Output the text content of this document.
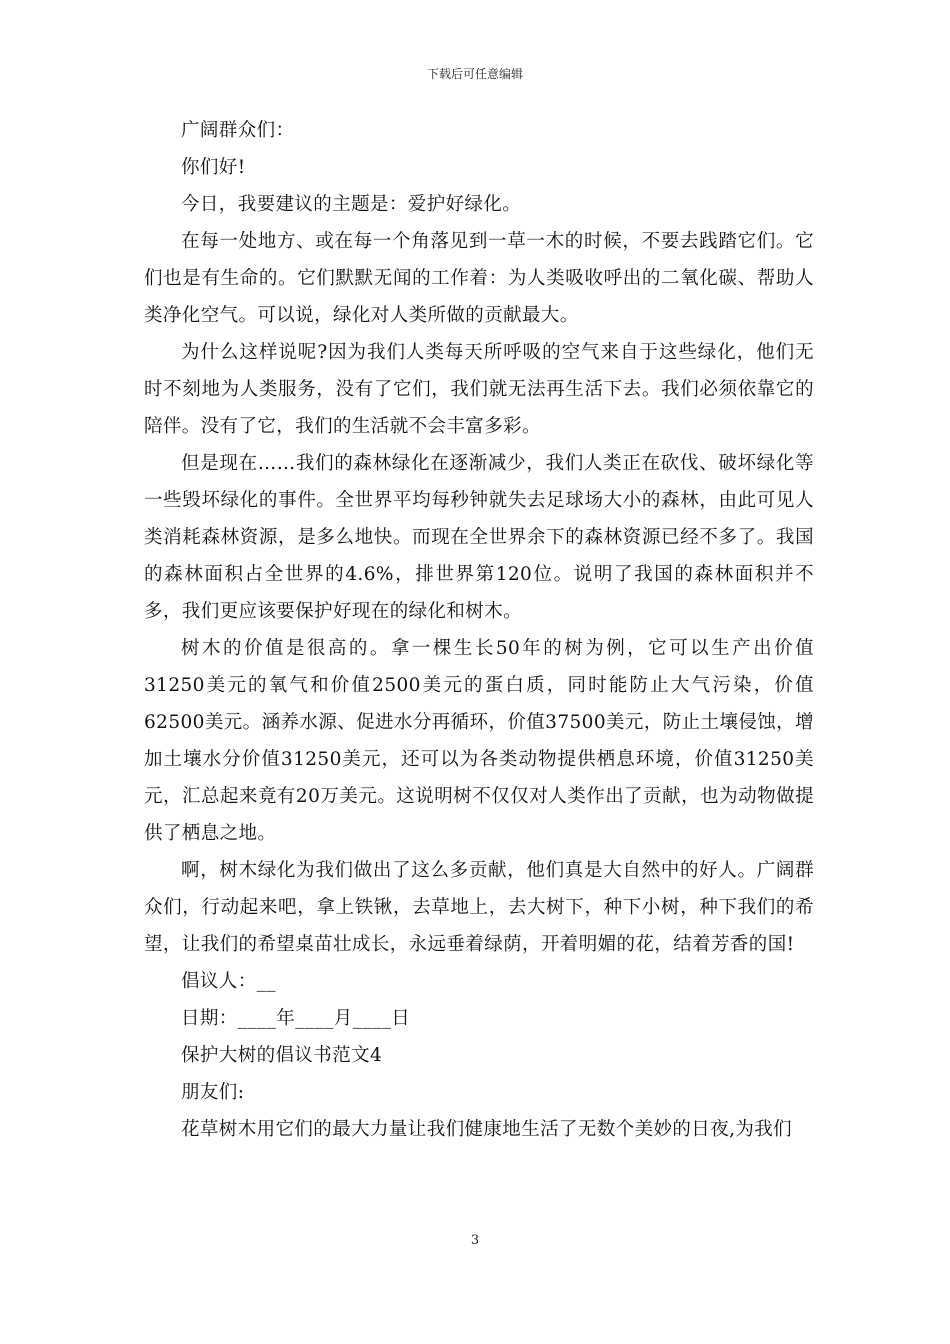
下载后可任意编辑

广阔群众们：

你们好!

今日，我要建议的主题是：爱护好绿化。

在每一处地方、或在每一个角落见到一草一木的时候，不要去践踏它们。它们也是有生命的。它们默默无闻的工作着：为人类吸收呼出的二氧化碳、帮助人类净化空气。可以说，绿化对人类所做的贡献最大。

为什么这样说呢?因为我们人类每天所呼吸的空气来自于这些绿化，他们无时不刻地为人类服务，没有了它们，我们就无法再生活下去。我们必须依靠它的陪伴。没有了它，我们的生活就不会丰富多彩。

但是现在……我们的森林绿化在逐渐减少，我们人类正在砍伐、破坏绿化等一些毁坏绿化的事件。全世界平均每秒钟就失去足球场大小的森林，由此可见人类消耗森林资源，是多么地快。而现在全世界余下的森林资源已经不多了。我国的森林面积占全世界的4.6%，排世界第120位。说明了我国的森林面积并不多，我们更应该要保护好现在的绿化和树木。

树木的价值是很高的。拿一棵生长50年的树为例，它可以生产出价值31250美元的氧气和价值2500美元的蛋白质，同时能防止大气污染，价值62500美元。涵养水源、促进水分再循环，价值37500美元，防止土壤侵蚀，增加土壤水分价值31250美元，还可以为各类动物提供栖息环境，价值31250美元，汇总起来竟有20万美元。这说明树不仅仅对人类作出了贡献，也为动物做提供了栖息之地。

啊，树木绿化为我们做出了这么多贡献，他们真是大自然中的好人。广阔群众们，行动起来吧，拿上铁锹，去草地上，去大树下，种下小树，种下我们的希望，让我们的希望桌苗壮成长，永远垂着绿荫，开着明媚的花，结着芳香的国!

倡议人：__

日期：____年____月____日

保护大树的倡议书范文4

朋友们:

花草树木用它们的最大力量让我们健康地生活了无数个美妙的日夜,为我们

3
